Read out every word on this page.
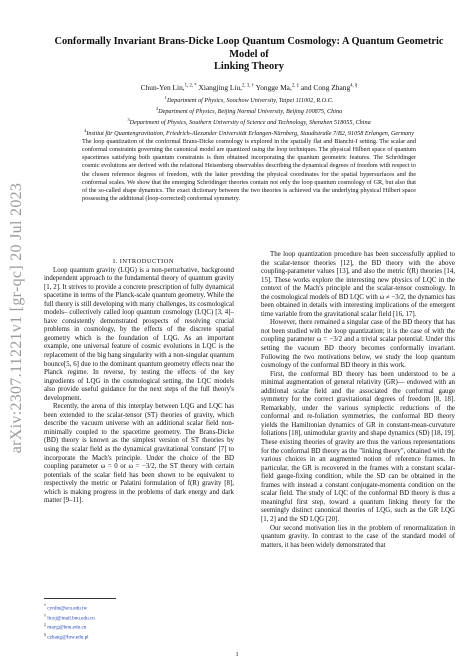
arXiv:2307.11221v1 [gr-qc] 20 Jul 2023
Conformally Invariant Brans-Dicke Loop Quantum Cosmology: A Quantum Geometric Model of
Linking Theory
Chun-Yen Lin,$^{1, 2, *}$ Xiangjing Liu,$^{2, 3, \dagger}$ Yongge Ma,$^{2, \ddagger}$ and Cong Zhang$^{4, \S}$
$^1$Department of Physics, Soochow University, Taipei 111002, R.O.C.
$^2$Department of Physics, Beijing Normal University, Beijing 100875, China
$^3$Department of Physics, Southern University of Science and Technology, Shenzhen 518055, China
$^4$Institut für Quantengravitation, Friedrich-Alexander Universität Erlangen-Nürnberg, Staudtstraße 7/B2, 91058 Erlangen, Germany

The loop quantization of the conformal Brans-Dicke cosmology is explored in the spatially flat and Bianchi-I setting. The scalar and conformal constraints governing the canonical model are quantized using the loop techniques. The physical Hilbert space of quantum spacetimes satisfying both quantum constraints is then obtained incorporating the quantum geometric features. The Schrödinger cosmic evolutions are derived with the relational Heisenberg observables describing the dynamical degrees of freedom with respect to the chosen reference degrees of freedom, with the latter providing the physical coordinates for the spatial hypersurfaces and the conformal scales. We show that the emerging Schrödinger theories contain not only the loop quantum cosmology of GR, but also that of the so-called shape dynamics. The exact dictionary between the two theories is achieved via the underlying physical Hilbert space possessing the additional (loop-corrected) conformal symmetry.

I. INTRODUCTION

Loop quantum gravity (LQG) is a non-perturbative, background independent approach to the fundamental theory of quantum gravity [1, 2]. It strives to provide a concrete prescription of fully dynamical spacetime in terms of the Planck-scale quantum geometry. While the full theory is still developing with many challenges, its cosmological models– collectively called loop quantum cosmology (LQC) [3, 4]– have consistently demonstrated prospects of resolving crucial problems in cosmology, by the effects of the discrete spatial geometry which is the foundation of LQG. As an important example, one universal feature of cosmic evolutions in LQC is the replacement of the big bang singularity with a non-singular quantum bounce[5, 6] due to the dominant quantum geometry effects near the Planck regime. In reverse, by testing the effects of the key ingredients of LQG in the cosmological setting, the LQC models also provide useful guidance for the next steps of the full theory's development.

Recently, the arena of this interplay between LQG and LQC has been extended to the scalar-tensor (ST) theories of gravity, which describe the vacuum universe with an additional scalar field non-minimally coupled to the spacetime geometry. The Brans-Dicke (BD) theory is known as the simplest version of ST theories by using the scalar field as the dynamical gravitational 'constant' [7] to incorporate the Mach's principle. Under the choice of the BD coupling parameter ω = 0 or ω = −3/2, the ST theory with certain potentials of the scalar field has been shown to be equivalent to respectively the metric or Palatini formulation of f(R) gravity [8], which is making progress in the problems of dark energy and dark matter [9–11].

The loop quantization procedure has been successfully applied to the scalar-tensor theories [12], the BD theory with the above coupling-parameter values [13], and also the metric f(R) theories [14, 15]. These works explore the interesting new physics of LQC in the context of the Mach's principle and the scalar-tensor cosmology. In the cosmological models of BD LQC with ω ≠ −3/2, the dynamics has been obtained in details with interesting implications of the emergent time variable from the gravitational scalar field [16, 17].

However, there remained a singular case of the BD theory that has not been studied with the loop quantization; it is the case of with the coupling parameter ω = −3/2 and a trivial scalar potential. Under this setting the vacuum BD theory becomes conformally invariant. Following the two motivations below, we study the loop quantum cosmology of the conformal BD theory in this work.

First, the conformal BD theory has been understood to be a minimal augmentation of general relativity (GR)— endowed with an additional scalar field and the associated the conformal gauge symmetry for the correct gravitational degrees of freedom [8, 18]. Remarkably, under the various symplectic reductions of the conformal and re-foliation symmetries, the conformal BD theory yields the Hamiltonian dynamics of GR in constant-mean-curvature foliations [18], unimodular gravity and shape dynamics (SD) [18, 19]. These existing theories of gravity are thus the various representations for the conformal BD theory as the "linking theory", obtained with the various choices in an augmented notion of reference frames. In particular, the GR is recovered in the frames with a constant scalar-field gauge-fixing condition, while the SD can be obtained in the frames with instead a constant conjugate-momenta condition on the scalar field. The study of LQC of the conformal BD theory is thus a meaningful first step, toward a quantum linking theory for the seemingly distinct canonical theories of LQG, such as the GR LQG [1, 2] and the SD LQG [20].

Our second motivation lies in the problem of renormalization in quantum gravity. In contrast to the case of the standard model of matters, it has been widely demonstrated that

* cynlin@scu.edu.tw
† liuxj@mail.bnu.edu.cn
‡ mayg@bnu.edu.cn
§ czhang@fuw.edu.pl
1
